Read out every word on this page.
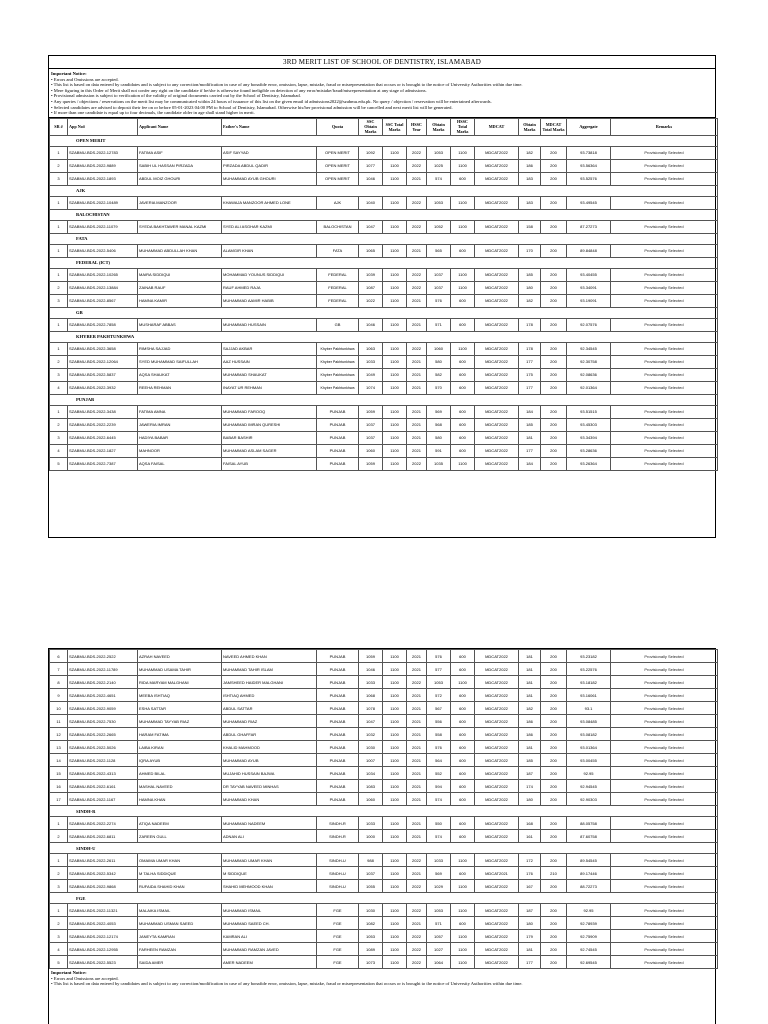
3RD MERIT LIST OF SCHOOL OF DENTISTRY, ISLAMABAD
Important Notice:
• Errors and Omissions are accepted.
• This list is based on data entered by candidates and is subject to any correction/modification in case of any bonafide error, omission, lapse, mistake, fraud or misrepresentation that occurs or is brought to the notice of University Authorities within due time.
• Mere figuring in this Order of Merit shall not confer any right on the candidate if he/she is otherwise found ineligible on detection of any error/mistake/fraud/misrepresentation at any stage of admissions.
• Provisional admission is subject to verification of the validity of original documents carried out by the School of Dentistry, Islamabad.
• Any queries / objections / reservations on the merit list may be communicated within 24 hours of issuance of this list on the given email id admissions2022@szabmu.edu.pk. No query / objection / reservation will be entertained afterwards.
• Selected candidates are advised to deposit their fee on or before 05-01-2023 04:00 PM to School of Dentistry, Islamabad. Otherwise his/her provisional admission will be cancelled and next merit list will be generated.
• If more than one candidate is equal up to four decimals, the candidate older in age shall stand higher in merit.
SR #	App No#	Applicant Name	Father's Name	Quota	SSC Obtain Marks	SSC Total Marks	HSSC Year	Obtain Marks	HSSC Total Marks	MDCAT	Obtain Marks	MDCAT Total Marks	Aggregate	Remarks
OPEN MERIT														
1	SZABMU-BDS-2022-12783	FATIMA ASIF	ASIF SAYYAD	OPEN MERIT	1092	1100	2022	1053	1100	MDCAT2022	182	200	93.73818	Provisionally Selected
2	SZABMU-BDS-2022-9889	SABIH UL HASSAN PIRZADA	PIRZADA ABDUL QADIR	OPEN MERIT	1077	1100	2022	1025	1100	MDCAT2022	186	200	93.56364	Provisionally Selected
3	SZABMU-BDS-2022-1893	ABDUL MOIZ GHOURI	MUHAMMAD AYUB GHOURI	OPEN MERIT	1046	1100	2021	574	600	MDCAT2022	183	200	93.52576	Provisionally Selected
AJK														
1	SZABMU-BDS-2022-10489	JAVERIA MANZOOR	KHAWAJA MANZOOR AHMED LONE	AJK	1040	1100	2022	1053	1100	MDCAT2022	183	200	93.49545	Provisionally Selected
BALOCHISTAN														
1	SZABMU-BDS-2022-11079	SYEDA BAKHTAWER MANAL KAZMI	SYED ALI ASGHAR KAZMI	BALOCHISTAN	1047	1100	2022	1052	1100	MDCAT2022	158	200	87.27273	Provisionally Selected
FATA														
1	SZABMU-BDS-2022-5406	MUHAMMAD ABDULLAH KHAN	ALAMGIR KHAN	FATA	1065	1100	2021	565	600	MDCAT2022	170	200	89.84848	Provisionally Selected
FEDERAL (ICT)														
1	SZABMU-BDS-2022-10265	MAIRA SIDDIQUI	MOHAMMAD YOUNUS SIDDIQUI	FEDERAL	1039	1100	2022	1037	1100	MDCAT2022	185	200	93.40455	Provisionally Selected
2	SZABMU-BDS-2022-13884	ZAINAB RAUF	RAUF AHMED RAJA	FEDERAL	1087	1100	2022	1037	1100	MDCAT2022	180	200	93.34091	Provisionally Selected
3	SZABMU-BDS-2022-8567	HAMNA KAMIR	MUHAMMAD AAMIR HABIB	FEDERAL	1022	1100	2021	576	600	MDCAT2022	182	200	93.19091	Provisionally Selected
GB														
1	SZABMU-BDS-2022-7858	MUSHARAF ABBAS	MUHAMMAD HUSSAIN	GB	1046	1100	2021	571	600	MDCAT2022	178	200	92.07576	Provisionally Selected
KHYBER PAKHTUNKHWA														
1	SZABMU-BDS-2022-3658	RIMSHA SAJJAD	SAJJAD AKBAR	Khyber Pakhtunkhwa	1063	1100	2022	1060	1100	MDCAT2022	178	200	92.34545	Provisionally Selected
2	SZABMU-BDS-2022-12064	SYED MUHAMMAD SAIFULLAH	AAZ HUSSAIN	Khyber Pakhtunkhwa	1033	1100	2021	580	600	MDCAT2022	177	200	92.30758	Provisionally Selected
3	SZABMU-BDS-2022-5837	AQSA SHAUKAT	MUHAMMAD SHAUKAT	Khyber Pakhtunkhwa	1049	1100	2021	582	600	MDCAT2022	175	200	92.08636	Provisionally Selected
4	SZABMU-BDS-2022-3932	REEHA REHMAN	INAYAT UR REHMAN	Khyber Pakhtunkhwa	1074	1100	2021	570	600	MDCAT2022	177	200	92.01364	Provisionally Selected
PUNJAB														
1	SZABMU-BDS-2022-3438	FATIMA AMNA	MUHAMMAD FAROOQ	PUNJAB	1059	1100	2021	569	600	MDCAT2022	184	200	93.51515	Provisionally Selected
2	SZABMU-BDS-2022-2239	JAWERIA IMRAN	MUHAMMAD IMRAN QURESHI	PUNJAB	1037	1100	2021	568	600	MDCAT2022	185	200	93.45303	Provisionally Selected
3	SZABMU-BDS-2022-6445	HADIYA BABAR	BABAR BASHIR	PUNJAB	1037	1100	2021	580	600	MDCAT2022	181	200	93.34394	Provisionally Selected
4	SZABMU-BDS-2022-1827	MAHNOOR	MUHAMMAD ASLAM SAGER	PUNJAB	1060	1100	2021	591	600	MDCAT2022	177	200	93.28636	Provisionally Selected
5	SZABMU-BDS-2022-7387	AQSA FAISAL	FAISAL AYUB	PUNJAB	1059	1100	2022	1035	1100	MDCAT2022	184	200	93.26364	Provisionally Selected
6	SZABMU-BDS-2022-2522	AZRAH NAVEED	NAVEED AHMED KHAN	PUNJAB	1059	1100	2021	576	600	MDCAT2022	181	200	93.23182	Provisionally Selected
7	SZABMU-BDS-2022-11789	MUHAMMAD USAMA TAHIR	MUHAMMAD TAHIR ISLAM	PUNJAB	1046	1100	2021	577	600	MDCAT2022	181	200	93.22576	Provisionally Selected
8	SZABMU-BDS-2022-2140	RIDA MARYAM MALGHANI	JAMSHEED HAIDER MALGHANI	PUNJAB	1033	1100	2022	1053	1100	MDCAT2022	181	200	93.18182	Provisionally Selected
9	SZABMU-BDS-2022-4651	MEEBA ISHTIAQ	ISHTIAQ AHMED	PUNJAB	1068	1100	2021	572	600	MDCAT2022	181	200	93.16061	Provisionally Selected
10	SZABMU-BDS-2022-9059	ESHA SATTAR	ABDUL SATTAR	PUNJAB	1078	1100	2021	567	600	MDCAT2022	182	200	93.1	Provisionally Selected
11	SZABMU-BDS-2022-7530	MUHAMMAD TAYYAB RIAZ	MUHAMMAD RIAZ	PUNJAB	1047	1100	2021	556	600	MDCAT2022	186	200	93.08485	Provisionally Selected
12	SZABMU-BDS-2022-2665	HARAM FATIMA	ABDUL GHAFFAR	PUNJAB	1032	1100	2021	558	600	MDCAT2022	186	200	93.08182	Provisionally Selected
13	SZABMU-BDS-2022-5026	LAIBA KIRAN	KHALID MAHMOOD	PUNJAB	1030	1100	2021	576	600	MDCAT2022	181	200	93.01364	Provisionally Selected
14	SZABMU-BDS-2022-1128	IQRA AYUB	MUHAMMAD AYUB	PUNJAB	1007	1100	2021	564	600	MDCAT2022	185	200	93.00455	Provisionally Selected
15	SZABMU-BDS-2022-4313	AHMED BILAL	MUJAHID HUSSAIN BAJWA	PUNJAB	1034	1100	2021	552	600	MDCAT2022	187	200	92.95	Provisionally Selected
16	SZABMU-BDS-2022-6161	MASHAL NAVEED	DR TAYYAB NAVEED MINHAS	PUNJAB	1083	1100	2021	594	600	MDCAT2022	174	200	92.94545	Provisionally Selected
17	SZABMU-BDS-2022-1167	HAMNA KHAN	MUHAMMAD KHAN	PUNJAB	1060	1100	2021	574	600	MDCAT2022	180	200	92.90303	Provisionally Selected
SINDH-R														
1	SZABMU-BDS-2022-2274	ATIQA NADEEM	MUHAMMAD NADEEM	SINDH-R	1033	1100	2021	550	600	MDCAT2022	168	200	88.05758	Provisionally Selected
2	SZABMU-BDS-2022-6811	ZAREEN GULL	ADNAN ALI	SINDH-R	1000	1100	2021	574	600	MDCAT2022	161	200	87.60758	Provisionally Selected
SINDH-U														
1	SZABMU-BDS-2022-2611	OMAIMA UMAR KHAN	MUHAMMAD UMAR KHAN	SINDH-U	988	1100	2022	1033	1100	MDCAT2022	172	200	89.54545	Provisionally Selected
2	SZABMU-BDS-2022-5342	M TALHA SIDDIQUE	M SIDDIQUE	SINDH-U	1037	1100	2021	569	600	MDCAT2021	176	210	89.17446	Provisionally Selected
3	SZABMU-BDS-2022-9868	RUFAIDA SHAHID KHAN	SHAHID MEHMOOD KHAN	SINDH-U	1055	1100	2022	1029	1100	MDCAT2022	167	200	88.72273	Provisionally Selected
FGE														
1	SZABMU-BDS-2022-11321	MALAIKA ISMAIL	MUHAMMAD ISMAIL	FGE	1030	1100	2022	1053	1100	MDCAT2022	187	200	92.95	Provisionally Selected
2	SZABMU-BDS-2022-4053	MUHAMMAD USMAN SAEED	MUHAMMAD SAEED CH.	FGE	1082	1100	2021	571	600	MDCAT2022	180	200	92.78939	Provisionally Selected
3	SZABMU-BDS-2022-12174	JANEYTA KAMRAN	KAMRAN ALI	FGE	1053	1100	2022	1057	1100	MDCAT2022	179	200	92.75909	Provisionally Selected
4	SZABMU-BDS-2022-12955	FARHEEN RAMZAN	MUHAMMAD RAMZAN JAVED	FGE	1089	1100	2022	1027	1100	MDCAT2022	181	200	92.74545	Provisionally Selected
5	SZABMU-BDS-2022-5523	SAIDA AMER	AMER NADEEM	FGE	1073	1100	2022	1064	1100	MDCAT2022	177	200	92.69545	Provisionally Selected
Important Notice:
• Errors and Omissions are accepted.
• This list is based on data entered by candidates and is subject to any correction/modification in case of any bonafide error, omission, lapse, mistake, fraud or misrepresentation that occurs or is brought to the notice of University Authorities within due time.
